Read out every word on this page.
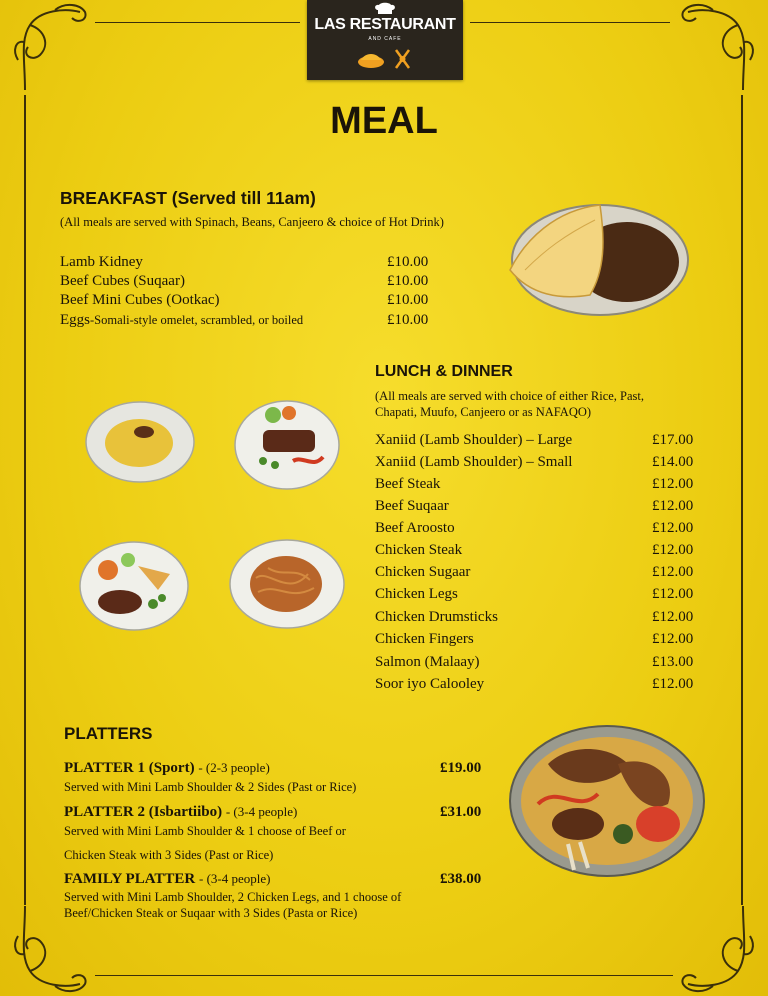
LAS RESTAURANT
AND CAFE
MEAL
BREAKFAST (Served till 11am)
(All meals are served with Spinach, Beans, Canjeero & choice of Hot Drink)
Lamb Kidney	£10.00
Beef Cubes (Suqaar)	£10.00
Beef Mini Cubes (Ootkac)	£10.00
Eggs-Somali-style omelet, scrambled, or boiled	£10.00
LUNCH & DINNER
(All meals are served with choice of either Rice, Past, Chapati, Muufo, Canjeero or as NAFAQO)
Xaniid (Lamb Shoulder) – Large	£17.00
Xaniid (Lamb Shoulder) – Small	£14.00
Beef Steak	£12.00
Beef Suqaar	£12.00
Beef Aroosto	£12.00
Chicken Steak	£12.00
Chicken Sugaar	£12.00
Chicken Legs	£12.00
Chicken Drumsticks	£12.00
Chicken Fingers	£12.00
Salmon (Malaay)	£13.00
Soor iyo Calooley	£12.00
PLATTERS
PLATTER 1 (Sport) - (2-3 people)	£19.00
Served with Mini Lamb Shoulder & 2 Sides (Past or Rice)
PLATTER 2 (Isbartiibo) - (3-4 people)	£31.00
Served with Mini Lamb Shoulder & 1 choose of Beef or
Chicken Steak with 3 Sides (Past or Rice)
FAMILY PLATTER - (3-4 people)	£38.00
Served with Mini Lamb Shoulder, 2 Chicken Legs, and 1 choose of Beef/Chicken Steak or Suqaar with 3 Sides (Pasta or Rice)
